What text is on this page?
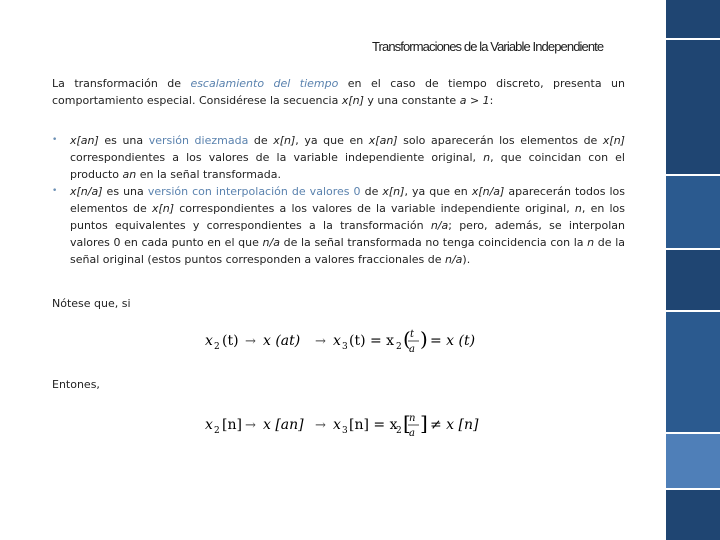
Transformaciones de la Variable Independiente

La transformación de escalamiento del tiempo en el caso de tiempo discreto, presenta un comportamiento especial. Considérese la secuencia x[n] y una constante a > 1:

• x[an] es una versión diezmada de x[n], ya que en x[an] solo aparecerán los elementos de x[n] correspondientes a los valores de la variable independiente original, n, que coincidan con el producto an en la señal transformada.
• x[n/a] es una versión con interpolación de valores 0 de x[n], ya que en x[n/a] aparecerán todos los elementos de x[n] correspondientes a los valores de la variable independiente original, n, en los puntos equivalentes y correspondientes a la transformación n/a; pero, además, se interpolan valores 0 en cada punto en el que n/a de la señal transformada no tenga coincidencia con la n de la señal original (estos puntos corresponden a valores fraccionales de n/a).
Nótese que, si
x 2 (t) → x (at) → x 3 (t) = x 2 ( t
a ) = x (t)
Entones,
x 2 [n] → x [an] → x 3 [n] = x
2 [
n
a ] ≠ x [n]
